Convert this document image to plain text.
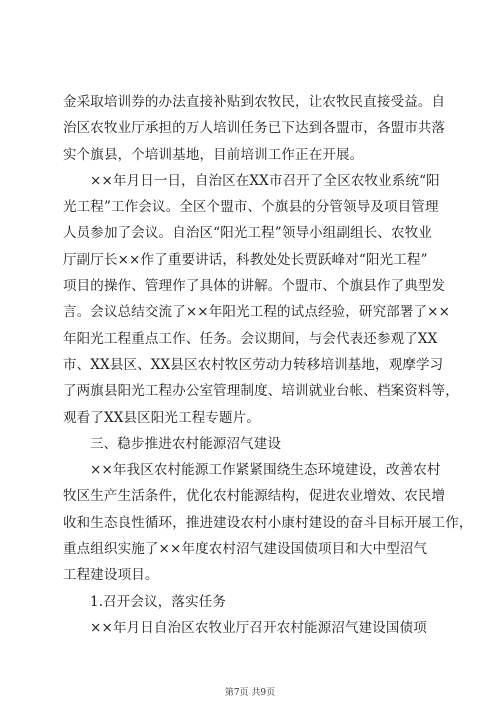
金采取培训券的办法直接补贴到农牧民，让农牧民直接受益。自
治区农牧业厅承担的万人培训任务已下达到各盟市，各盟市共落
实个旗县，个培训基地，目前培训工作正在开展。
××年月日一日，自治区在XX市召开了全区农牧业系统“阳
光工程”工作会议。全区个盟市、个旗县的分管领导及项目管理
人员参加了会议。自治区“阳光工程”领导小组副组长、农牧业
厅副厅长××作了重要讲话，科教处处长贾跃峰对“阳光工程”
项目的操作、管理作了具体的讲解。个盟市、个旗县作了典型发
言。会议总结交流了××年阳光工程的试点经验，研究部署了××
年阳光工程重点工作、任务。会议期间，与会代表还参观了XX
市、XX县区、XX县区农村牧区劳动力转移培训基地，观摩学习
了两旗县阳光工程办公室管理制度、培训就业台帐、档案资料等，
观看了XX县区阳光工程专题片。
三、稳步推进农村能源沼气建设
××年我区农村能源工作紧紧围绕生态环境建设，改善农村
牧区生产生活条件，优化农村能源结构，促进农业增效、农民增
收和生态良性循环，推进建设农村小康村建设的奋斗目标开展工作，
重点组织实施了××年度农村沼气建设国债项目和大中型沼气
工程建设项目。
1.召开会议，落实任务
××年月日自治区农牧业厅召开农村能源沼气建设国债项
第7页 共9页
